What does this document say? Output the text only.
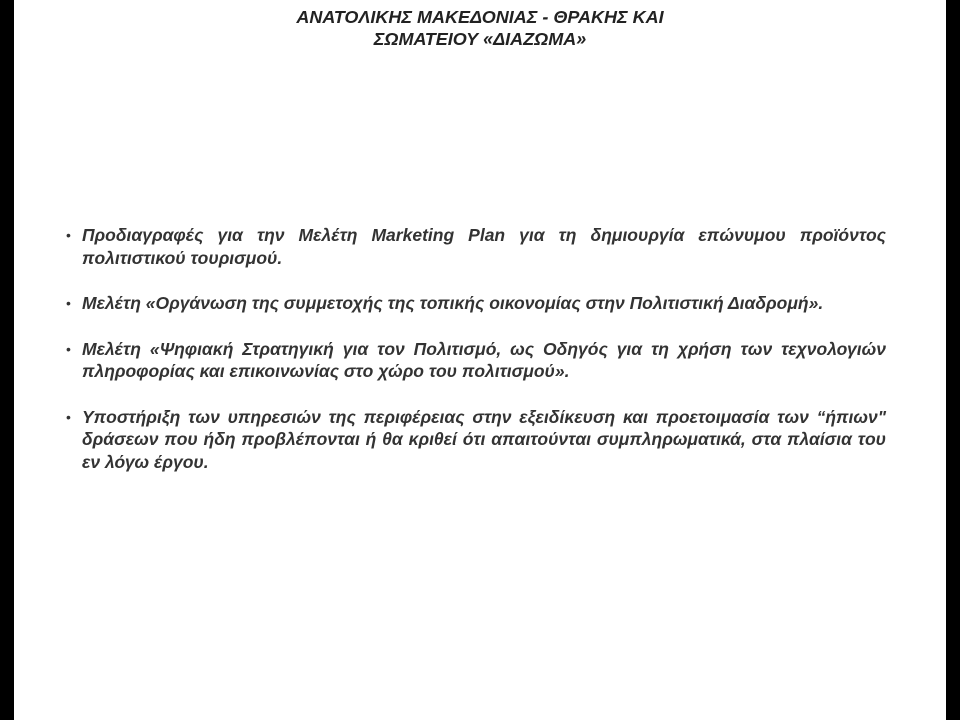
ΑΝΑΤΟΛΙΚΗΣ ΜΑΚΕΔΟΝΙΑΣ - ΘΡΑΚΗΣ ΚΑΙ
ΣΩΜΑΤΕΙΟΥ «ΔΙΑΖΩΜΑ»
• Προδιαγραφές για την Μελέτη Marketing Plan για τη δημιουργία επώνυμου προϊόντος πολιτιστικού τουρισμού.
• Μελέτη «Οργάνωση της συμμετοχής της τοπικής οικονομίας στην Πολιτιστική Διαδρομή».
• Μελέτη «Ψηφιακή Στρατηγική για τον Πολιτισμό, ως Οδηγός για τη χρήση των τεχνολογιών πληροφορίας και επικοινωνίας στο χώρο του πολιτισμού».
• Υποστήριξη των υπηρεσιών της περιφέρειας στην εξειδίκευση και προετοιμασία των “ήπιων" δράσεων που ήδη προβλέπονται ή θα κριθεί ότι απαιτούνται συμπληρωματικά, στα πλαίσια του εν λόγω έργου.
